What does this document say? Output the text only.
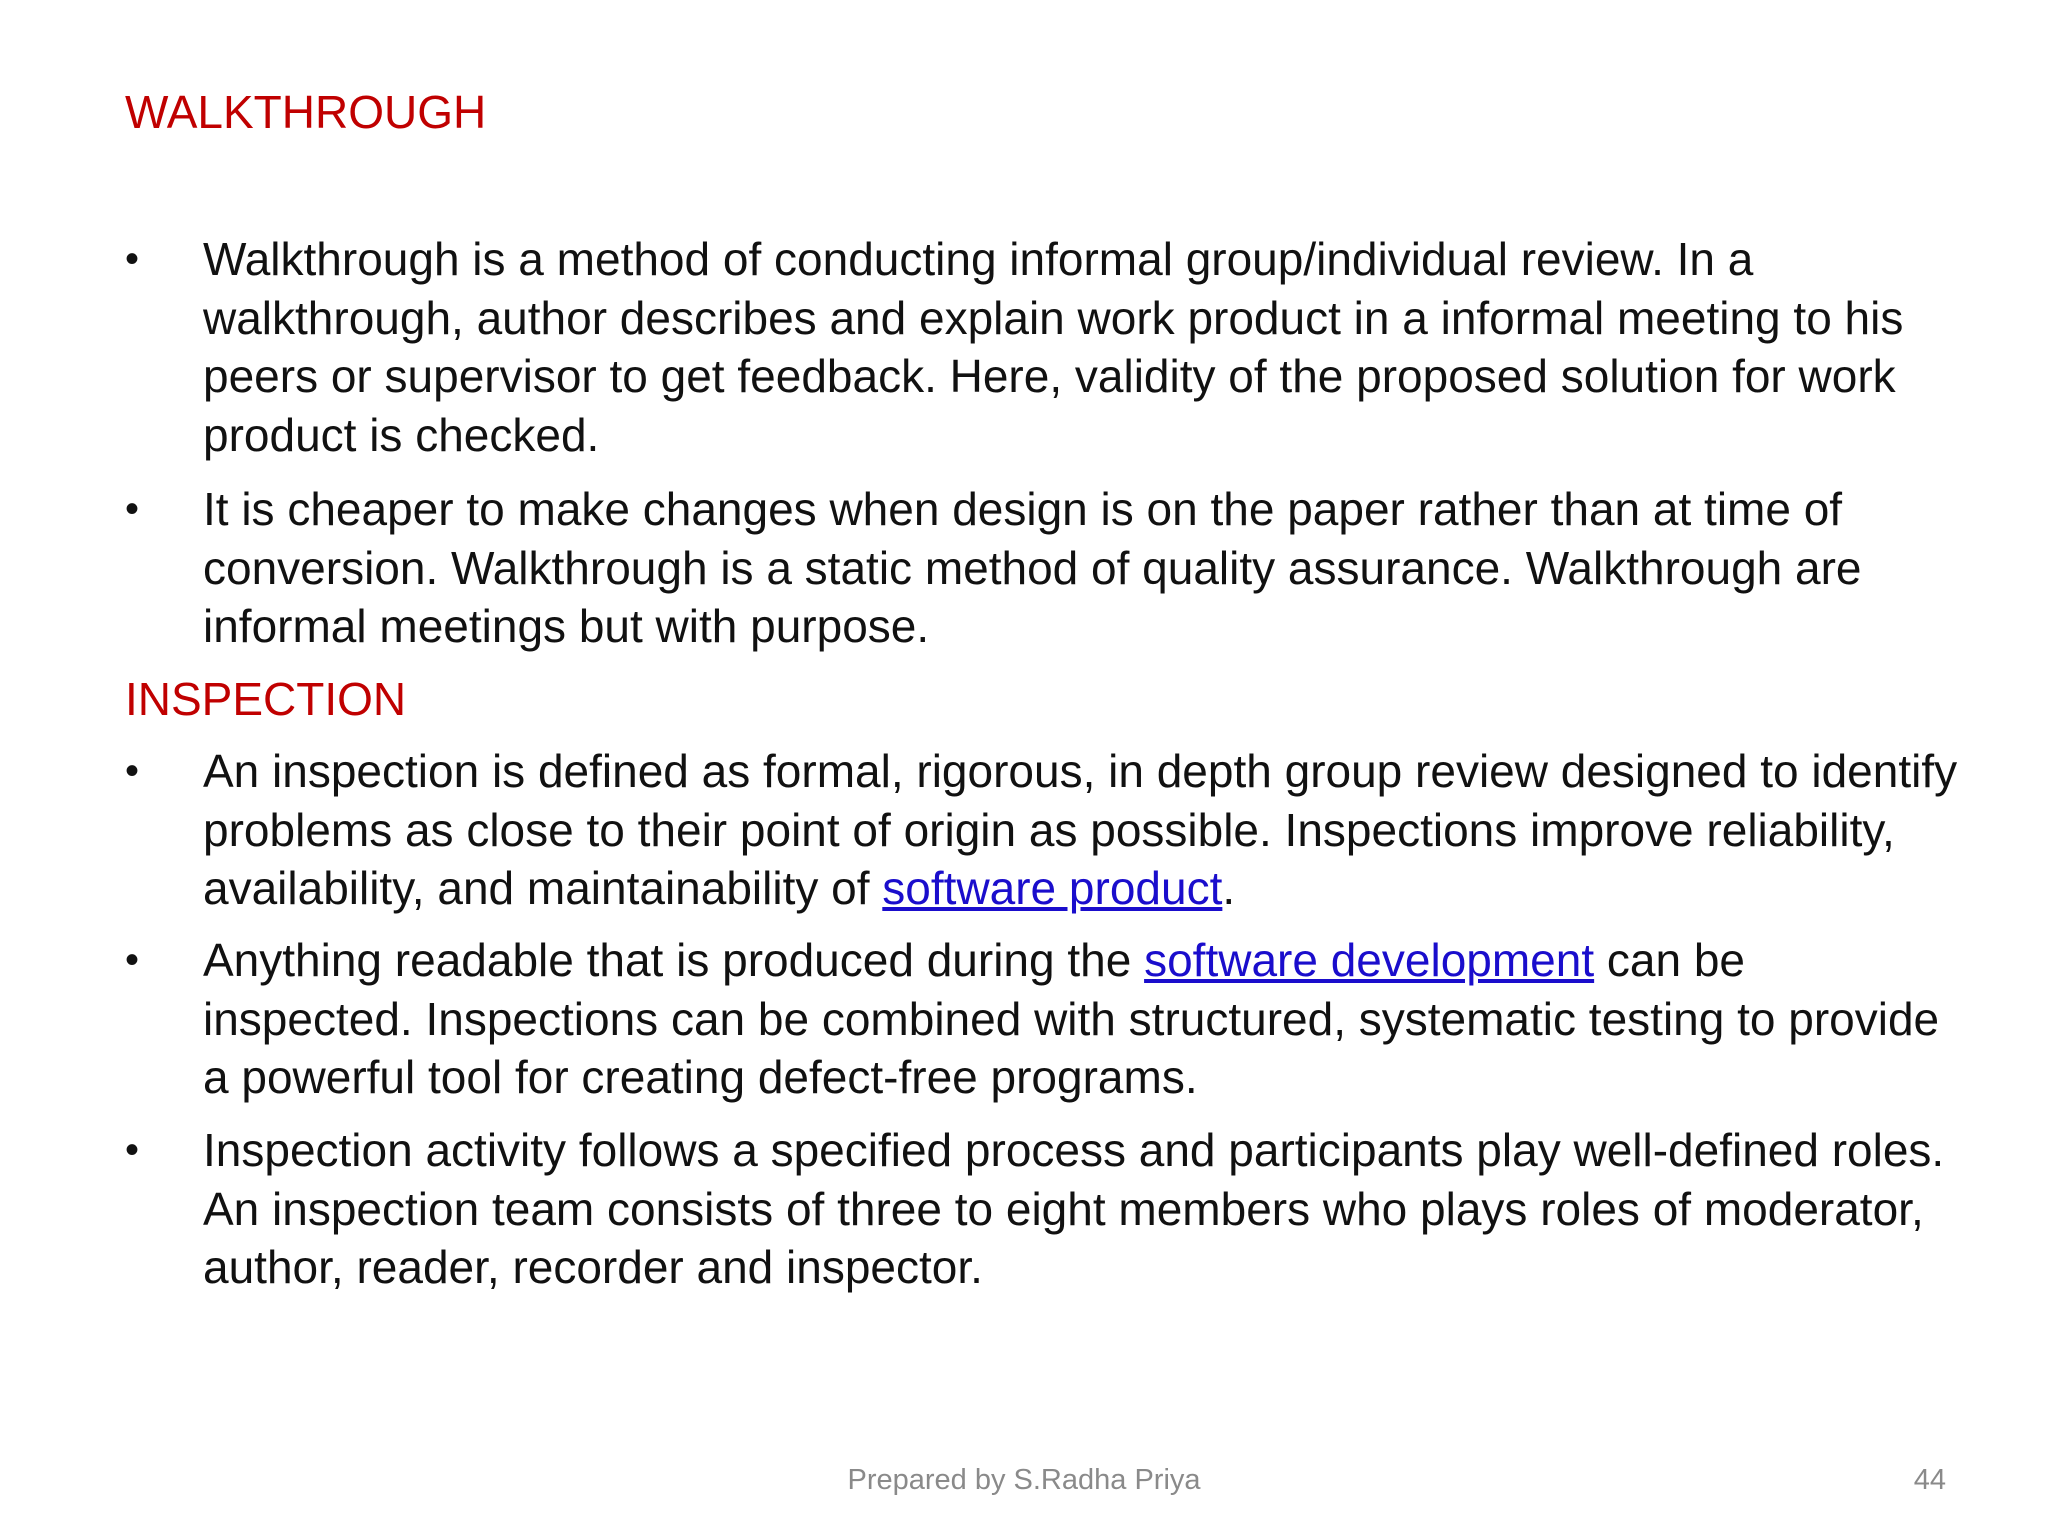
WALKTHROUGH
•	Walkthrough is a method of conducting informal group/individual review. In a walkthrough, author describes and explain work product in a informal meeting to his peers or supervisor to get feedback. Here, validity of the proposed solution for work product is checked.
•	It is cheaper to make changes when design is on the paper rather than at time of conversion. Walkthrough is a static method of quality assurance. Walkthrough are informal meetings but with purpose.
INSPECTION
•	An inspection is defined as formal, rigorous, in depth group review designed to identify problems as close to their point of origin as possible. Inspections improve reliability, availability, and maintainability of software product.
•	Anything readable that is produced during the software development can be inspected. Inspections can be combined with structured, systematic testing to provide a powerful tool for creating defect-free programs.
•	Inspection activity follows a specified process and participants play well-defined roles.
An inspection team consists of three to eight members who plays roles of moderator, author, reader, recorder and inspector.
Prepared by S.Radha Priya	44
